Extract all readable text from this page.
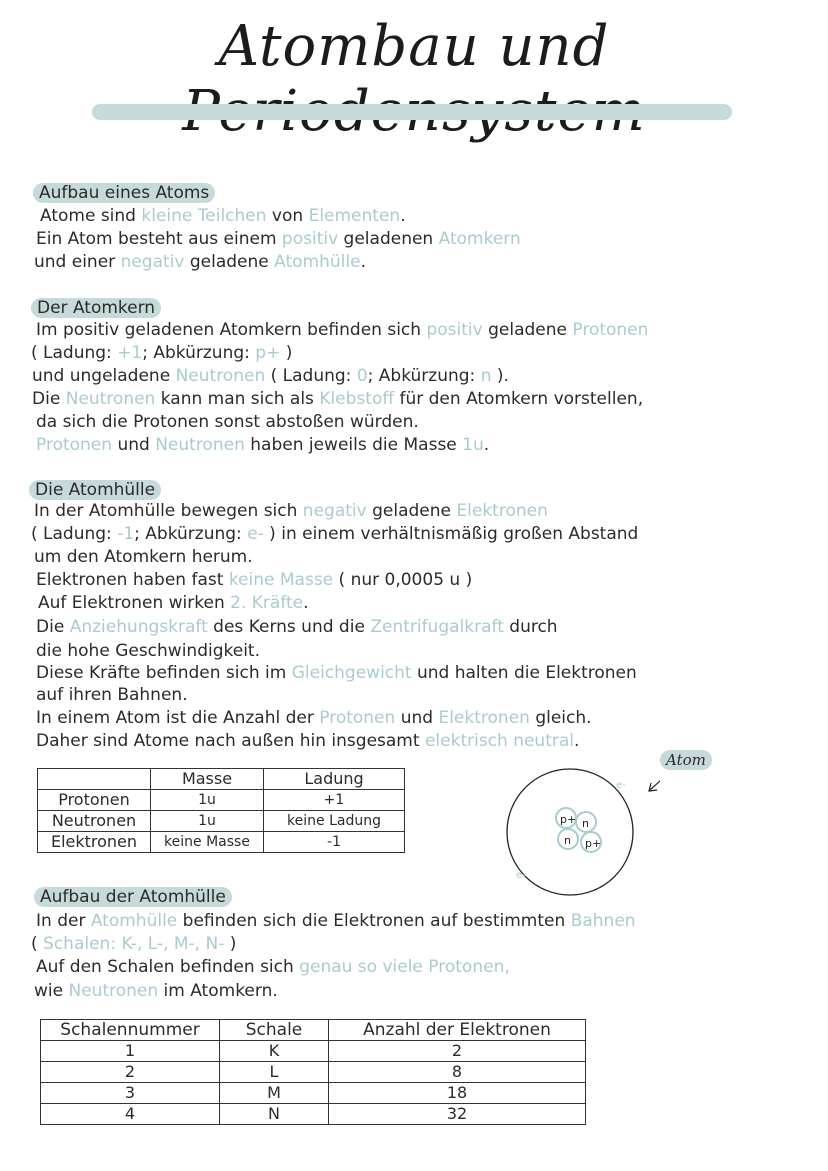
Atombau und
Aufbau eines Atoms
Atome sind kleine Teilchen von Elementen.
Ein Atom besteht aus einem positiv geladenen Atomkern
und einer negativ geladene Atomhülle.
Der Atomkern
Im positiv geladenen Atomkern befinden sich positiv geladene Protonen
( Ladung: +1; Abkürzung: p+ )
und ungeladene Neutronen ( Ladung: 0; Abkürzung: n ).
Die Neutronen kann man sich als Klebstoff für den Atomkern vorstellen,
da sich die Protonen sonst abstoßen würden.
Protonen und Neutronen haben jeweils die Masse 1u.
Die Atomhülle
In der Atomhülle bewegen sich negativ geladene Elektronen
( Ladung: -1; Abkürzung: e- ) in einem verhältnismäßig großen Abstand
um den Atomkern herum.
Elektronen haben fast keine Masse ( nur 0,0005 u )
Auf Elektronen wirken 2. Kräfte.
Die Anziehungskraft des Kerns und die Zentrifugalkraft durch
die hohe Geschwindigkeit.
Diese Kräfte befinden sich im Gleichgewicht und halten die Elektronen
auf ihren Bahnen.
In einem Atom ist die Anzahl der Protonen und Elektronen gleich.
Daher sind Atome nach außen hin insgesamt elektrisch neutral.
	Masse	Ladung
Protonen	1u	+1
Neutronen	1u	keine Ladung
Elektronen	keine Masse	-1
Atom
e-
e-
p+ n
n p+
Aufbau der Atomhülle
In der Atomhülle befinden sich die Elektronen auf bestimmten Bahnen
( Schalen: K-, L-, M-, N- )
Auf den Schalen befinden sich genau so viele Protonen,
wie Neutronen im Atomkern.
Schalennummer	Schale	Anzahl der Elektronen
1	K	2
2	L	8
3	M	18
4	N	32
